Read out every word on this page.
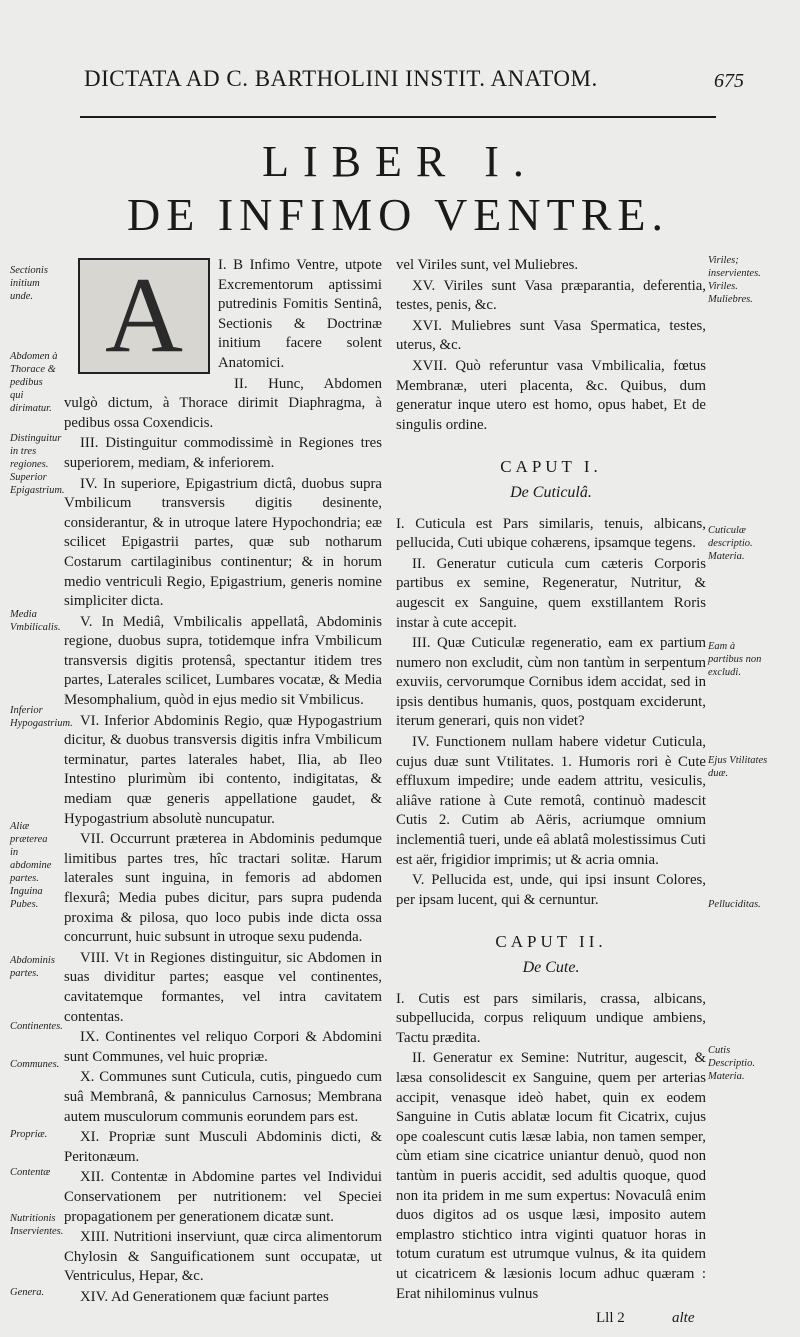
DICTATA AD C. BARTHOLINI INSTIT. ANATOM.	675
LIBER I.
DE INFIMO VENTRE.
Sectionis initium unde.
Abdomen à Thorace & pedibus qui dirimatur.
Distinguitur in tres regiones. Superior Epigastrium.
Media Vmbilicalis.
Inferior Hypogastrium.
Aliæ præterea in abdomine partes. Inguina Pubes.
Abdominis partes.
Continentes.
Communes.
Propriæ.
Contentæ
Nutritionis Inservientes.
Genera.
Viriles; inservientes. Viriles. Muliebres.
Cuticulæ descriptio. Materia.
Eam à partibus non excludi.
Ejus Vtilitates duæ.
Pelluciditas.
Cutis Descriptio. Materia.
A	I. B Infimo Ventre, utpote Excrementorum aptissimi putredinis Fomitis Sentinâ, Sectionis & Doctrinæ initium facere solent Anatomici.

II. Hunc, Abdomen vulgò dictum, à Thorace dirimit Diaphragma, à pedibus ossa Coxendicis.

III. Distinguitur commodissimè in Regiones tres superiorem, mediam, & inferiorem.

IV. In superiore, Epigastrium dictâ, duobus supra Vmbilicum transversis digitis desinente, considerantur, & in utroque latere Hypochondria; eæ scilicet Epigastrii partes, quæ sub notharum Costarum cartilaginibus continentur; & in horum medio ventriculi Regio, Epigastrium, generis nomine simpliciter dicta.

V. In Mediâ, Vmbilicalis appellatâ, Abdominis regione, duobus supra, totidemque infra Vmbilicum transversis digitis protensâ, spectantur itidem tres partes, Laterales scilicet, Lumbares vocatæ, & Media Mesomphalium, quòd in ejus medio sit Vmbilicus.

VI. Inferior Abdominis Regio, quæ Hypogastrium dicitur, & duobus transversis digitis infra Vmbilicum terminatur, partes laterales habet, Ilia, ab Ileo Intestino plurimùm ibi contento, indigitatas, & mediam quæ generis appellatione gaudet, & Hypogastrium absolutè nuncupatur.

VII. Occurrunt præterea in Abdominis pedumque limitibus partes tres, hîc tractari solitæ. Harum laterales sunt inguina, in femoris ad abdomen flexurâ; Media pubes dicitur, pars supra pudenda proxima & pilosa, quo loco pubis inde dicta ossa concurrunt, huic subsunt in utroque sexu pudenda.

VIII. Vt in Regiones distinguitur, sic Abdomen in suas dividitur partes; easque vel continentes, cavitatemque formantes, vel intra cavitatem contentas.

IX. Continentes vel reliquo Corpori & Abdomini sunt Communes, vel huic propriæ.

X. Communes sunt Cuticula, cutis, pinguedo cum suâ Membranâ, & panniculus Carnosus; Membrana autem musculorum communis eorundem pars est.

XI. Propriæ sunt Musculi Abdominis dicti, & Peritonæum.

XII. Contentæ in Abdomine partes vel Individui Conservationem per nutritionem: vel Speciei propagationem per generationem dicatæ sunt.

XIII. Nutritioni inserviunt, quæ circa alimentorum Chylosin & Sanguificationem sunt occupatæ, ut Ventriculus, Hepar, &c.

XIV. Ad Generationem quæ faciunt partes

vel Viriles sunt, vel Muliebres.

XV. Viriles sunt Vasa præparantia, deferentia, testes, penis, &c.

XVI. Muliebres sunt Vasa Spermatica, testes, uterus, &c.

XVII. Quò referuntur vasa Vmbilicalia, fœtus Membranæ, uteri placenta, &c. Quibus, dum generatur inque utero est homo, opus habet, Et de singulis ordine.

CAPUT I.
De Cuticulâ.

I. Cuticula est Pars similaris, tenuis, albicans, pellucida, Cuti ubique cohærens, ipsamque tegens.

II. Generatur cuticula cum cæteris Corporis partibus ex semine, Regeneratur, Nutritur, & augescit ex Sanguine, quem exstillantem Roris instar à cute accepit.

III. Quæ Cuticulæ regeneratio, eam ex partium numero non excludit, cùm non tantùm in serpentum exuviis, cervorumque Cornibus idem accidat, sed in ipsis dentibus humanis, quos, postquam exciderunt, iterum generari, quis non videt?

IV. Functionem nullam habere videtur Cuticula, cujus duæ sunt Vtilitates. 1. Humoris rori è Cute effluxum impedire; unde eadem attritu, vesiculis, aliâve ratione à Cute remotâ, continuò madescit Cutis 2. Cutim ab Aëris, acriumque omnium inclementiâ tueri, unde eâ ablatâ molestissimus Cuti est aër, frigidior imprimis; ut & acria omnia.

V. Pellucida est, unde, qui ipsi insunt Colores, per ipsam lucent, qui & cernuntur.

CAPUT II.
De Cute.

I. Cutis est pars similaris, crassa, albicans, subpellucida, corpus reliquum undique ambiens, Tactu prædita.

II. Generatur ex Semine: Nutritur, augescit, & læsa consolidescit ex Sanguine, quem per arterias accipit, venasque ideò habet, quin ex eodem Sanguine in Cutis ablatæ locum fit Cicatrix, cujus ope coalescunt cutis læsæ labia, non tamen semper, cùm etiam sine cicatrice uniantur denuò, quod non tantùm in pueris accidit, sed adultis quoque, quod non ita pridem in me sum expertus: Novaculâ enim duos digitos ad os usque læsi, imposito autem emplastro stichtico intra viginti quatuor horas in totum curatum est utrumque vulnus, & ita quidem ut cicatricem & læsionis locum adhuc quæram : Erat nihilominus vulnus

Lll 2	alte
